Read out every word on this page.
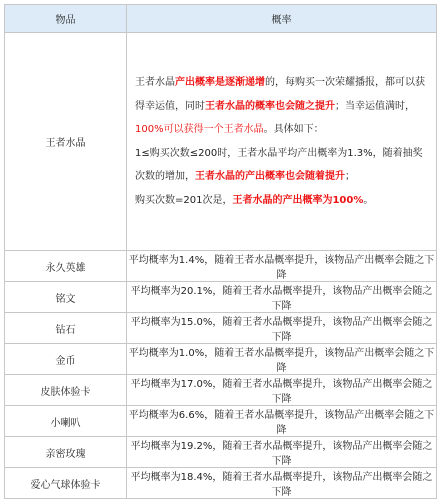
物品	概率
王者水晶	王者水晶产出概率是逐渐递增的，每购买一次荣耀播报，都可以获得幸运值，同时王者水晶的概率也会随之提升；当幸运值满时，100%可以获得一个王者水晶。具体如下：
1≤购买次数≤200时，王者水晶平均产出概率为1.3%，随着抽奖次数的增加，王者水晶的产出概率也会随着提升；
购买次数=201次是，王者水晶的产出概率为100%。

永久英雄	平均概率为1.4%，随着王者水晶概率提升，该物品产出概率会随之下降
铭文	平均概率为20.1%，随着王者水晶概率提升，该物品产出概率会随之下降
钻石	平均概率为15.0%，随着王者水晶概率提升，该物品产出概率会随之下降
金币	平均概率为1.0%，随着王者水晶概率提升，该物品产出概率会随之下降
皮肤体验卡	平均概率为17.0%，随着王者水晶概率提升，该物品产出概率会随之下降
小喇叭	平均概率为6.6%，随着王者水晶概率提升，该物品产出概率会随之下降
亲密玫瑰	平均概率为19.2%，随着王者水晶概率提升，该物品产出概率会随之下降
爱心气球体验卡	平均概率为18.4%，随着王者水晶概率提升，该物品产出概率会随之下降
